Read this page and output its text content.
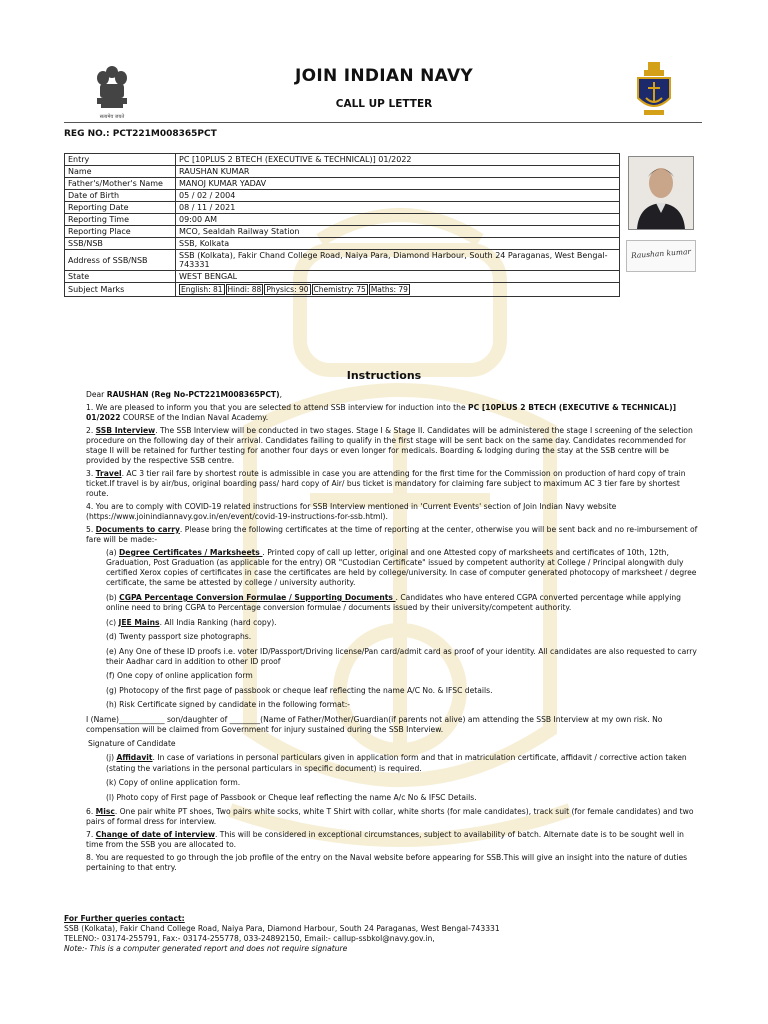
सत्यमेव जयते
JOIN INDIAN NAVY
CALL UP LETTER
REG NO.: PCT221M008365PCT
Entry	PC [10PLUS 2 BTECH (EXECUTIVE & TECHNICAL)] 01/2022
Name	RAUSHAN KUMAR
Father's/Mother's Name	MANOJ KUMAR YADAV
Date of Birth	05 / 02 / 2004
Reporting Date	08 / 11 / 2021
Reporting Time	09:00 AM
Reporting Place	MCO, Sealdah Railway Station
SSB/NSB	SSB, Kolkata
Address of SSB/NSB	SSB (Kolkata), Fakir Chand College Road, Naiya Para, Diamond Harbour, South 24 Paraganas, West Bengal-743331
State	WEST BENGAL
Subject Marks	English: 81 Hindi: 88 Physics: 90 Chemistry: 75 Maths: 79
Raushan kumar
Instructions

Dear RAUSHAN (Reg No-PCT221M008365PCT),

1. We are pleased to inform you that you are selected to attend SSB interview for induction into the PC [10PLUS 2 BTECH (EXECUTIVE & TECHNICAL)] 01/2022 COURSE of the Indian Naval Academy.

2. SSB Interview. The SSB Interview will be conducted in two stages. Stage I & Stage II. Candidates will be administered the stage I screening of the selection procedure on the following day of their arrival. Candidates failing to qualify in the first stage will be sent back on the same day. Candidates recommended for stage II will be retained for further testing for another four days or even longer for medicals. Boarding & lodging during the stay at the SSB centre will be provided by the respective SSB centre.

3. Travel. AC 3 tier rail fare by shortest route is admissible in case you are attending for the first time for the Commission on production of hard copy of train ticket.If travel is by air/bus, original boarding pass/ hard copy of Air/ bus ticket is mandatory for claiming fare subject to maximum AC 3 tier fare by shortest route.

4. You are to comply with COVID-19 related instructions for SSB Interview mentioned in 'Current Events' section of Join Indian Navy website (https://www.joinindiannavy.gov.in/en/event/covid-19-instructions-for-ssb.html).

5. Documents to carry. Please bring the following certificates at the time of reporting at the center, otherwise you will be sent back and no re-imbursement of fare will be made:-

(a) Degree Certificates / Marksheets . Printed copy of call up letter, original and one Attested copy of marksheets and certificates of 10th, 12th, Graduation, Post Graduation (as applicable for the entry) OR "Custodian Certificate" issued by competent authority at College / Principal alongwith duly certified Xerox copies of certificates in case the certificates are held by college/university. In case of computer generated photocopy of marksheet / degree certificate, the same be attested by college / university authority.

(b) CGPA Percentage Conversion Formulae / Supporting Documents . Candidates who have entered CGPA converted percentage while applying online need to bring CGPA to Percentage conversion formulae / documents issued by their university/competent authority.

(c) JEE Mains. All India Ranking (hard copy).

(d) Twenty passport size photographs.

(e) Any One of these ID proofs i.e. voter ID/Passport/Driving license/Pan card/admit card as proof of your identity. All candidates are also requested to carry their Aadhar card in addition to other ID proof

(f) One copy of online application form

(g) Photocopy of the first page of passbook or cheque leaf reflecting the name A/C No. & IFSC details.

(h) Risk Certificate signed by candidate in the following format:-

I (Name)____________ son/daughter of ________(Name of Father/Mother/Guardian(if parents not alive) am attending the SSB Interview at my own risk. No compensation will be claimed from Government for injury sustained during the SSB Interview.

Signature of Candidate

(j) Affidavit. In case of variations in personal particulars given in application form and that in matriculation certificate, affidavit / corrective action taken (stating the variations in the personal particulars in specific document) is required.

(k) Copy of online application form.

(l) Photo copy of First page of Passbook or Cheque leaf reflecting the name A/c No & IFSC Details.

6. Misc. One pair white PT shoes, Two pairs white socks, white T Shirt with collar, white shorts (for male candidates), track suit (for female candidates) and two pairs of formal dress for interview.

7. Change of date of interview. This will be considered in exceptional circumstances, subject to availability of batch. Alternate date is to be sought well in time from the SSB you are allocated to.

8. You are requested to go through the job profile of the entry on the Naval website before appearing for SSB.This will give an insight into the nature of duties pertaining to that entry.

For Further queries contact:

SSB (Kolkata), Fakir Chand College Road, Naiya Para, Diamond Harbour, South 24 Paraganas, West Bengal-743331

TELENO:- 03174-255791, Fax:- 03174-255778, 033-24892150, Email:- callup-ssbkol@navy.gov.in,

Note:- This is a computer generated report and does not require signature
